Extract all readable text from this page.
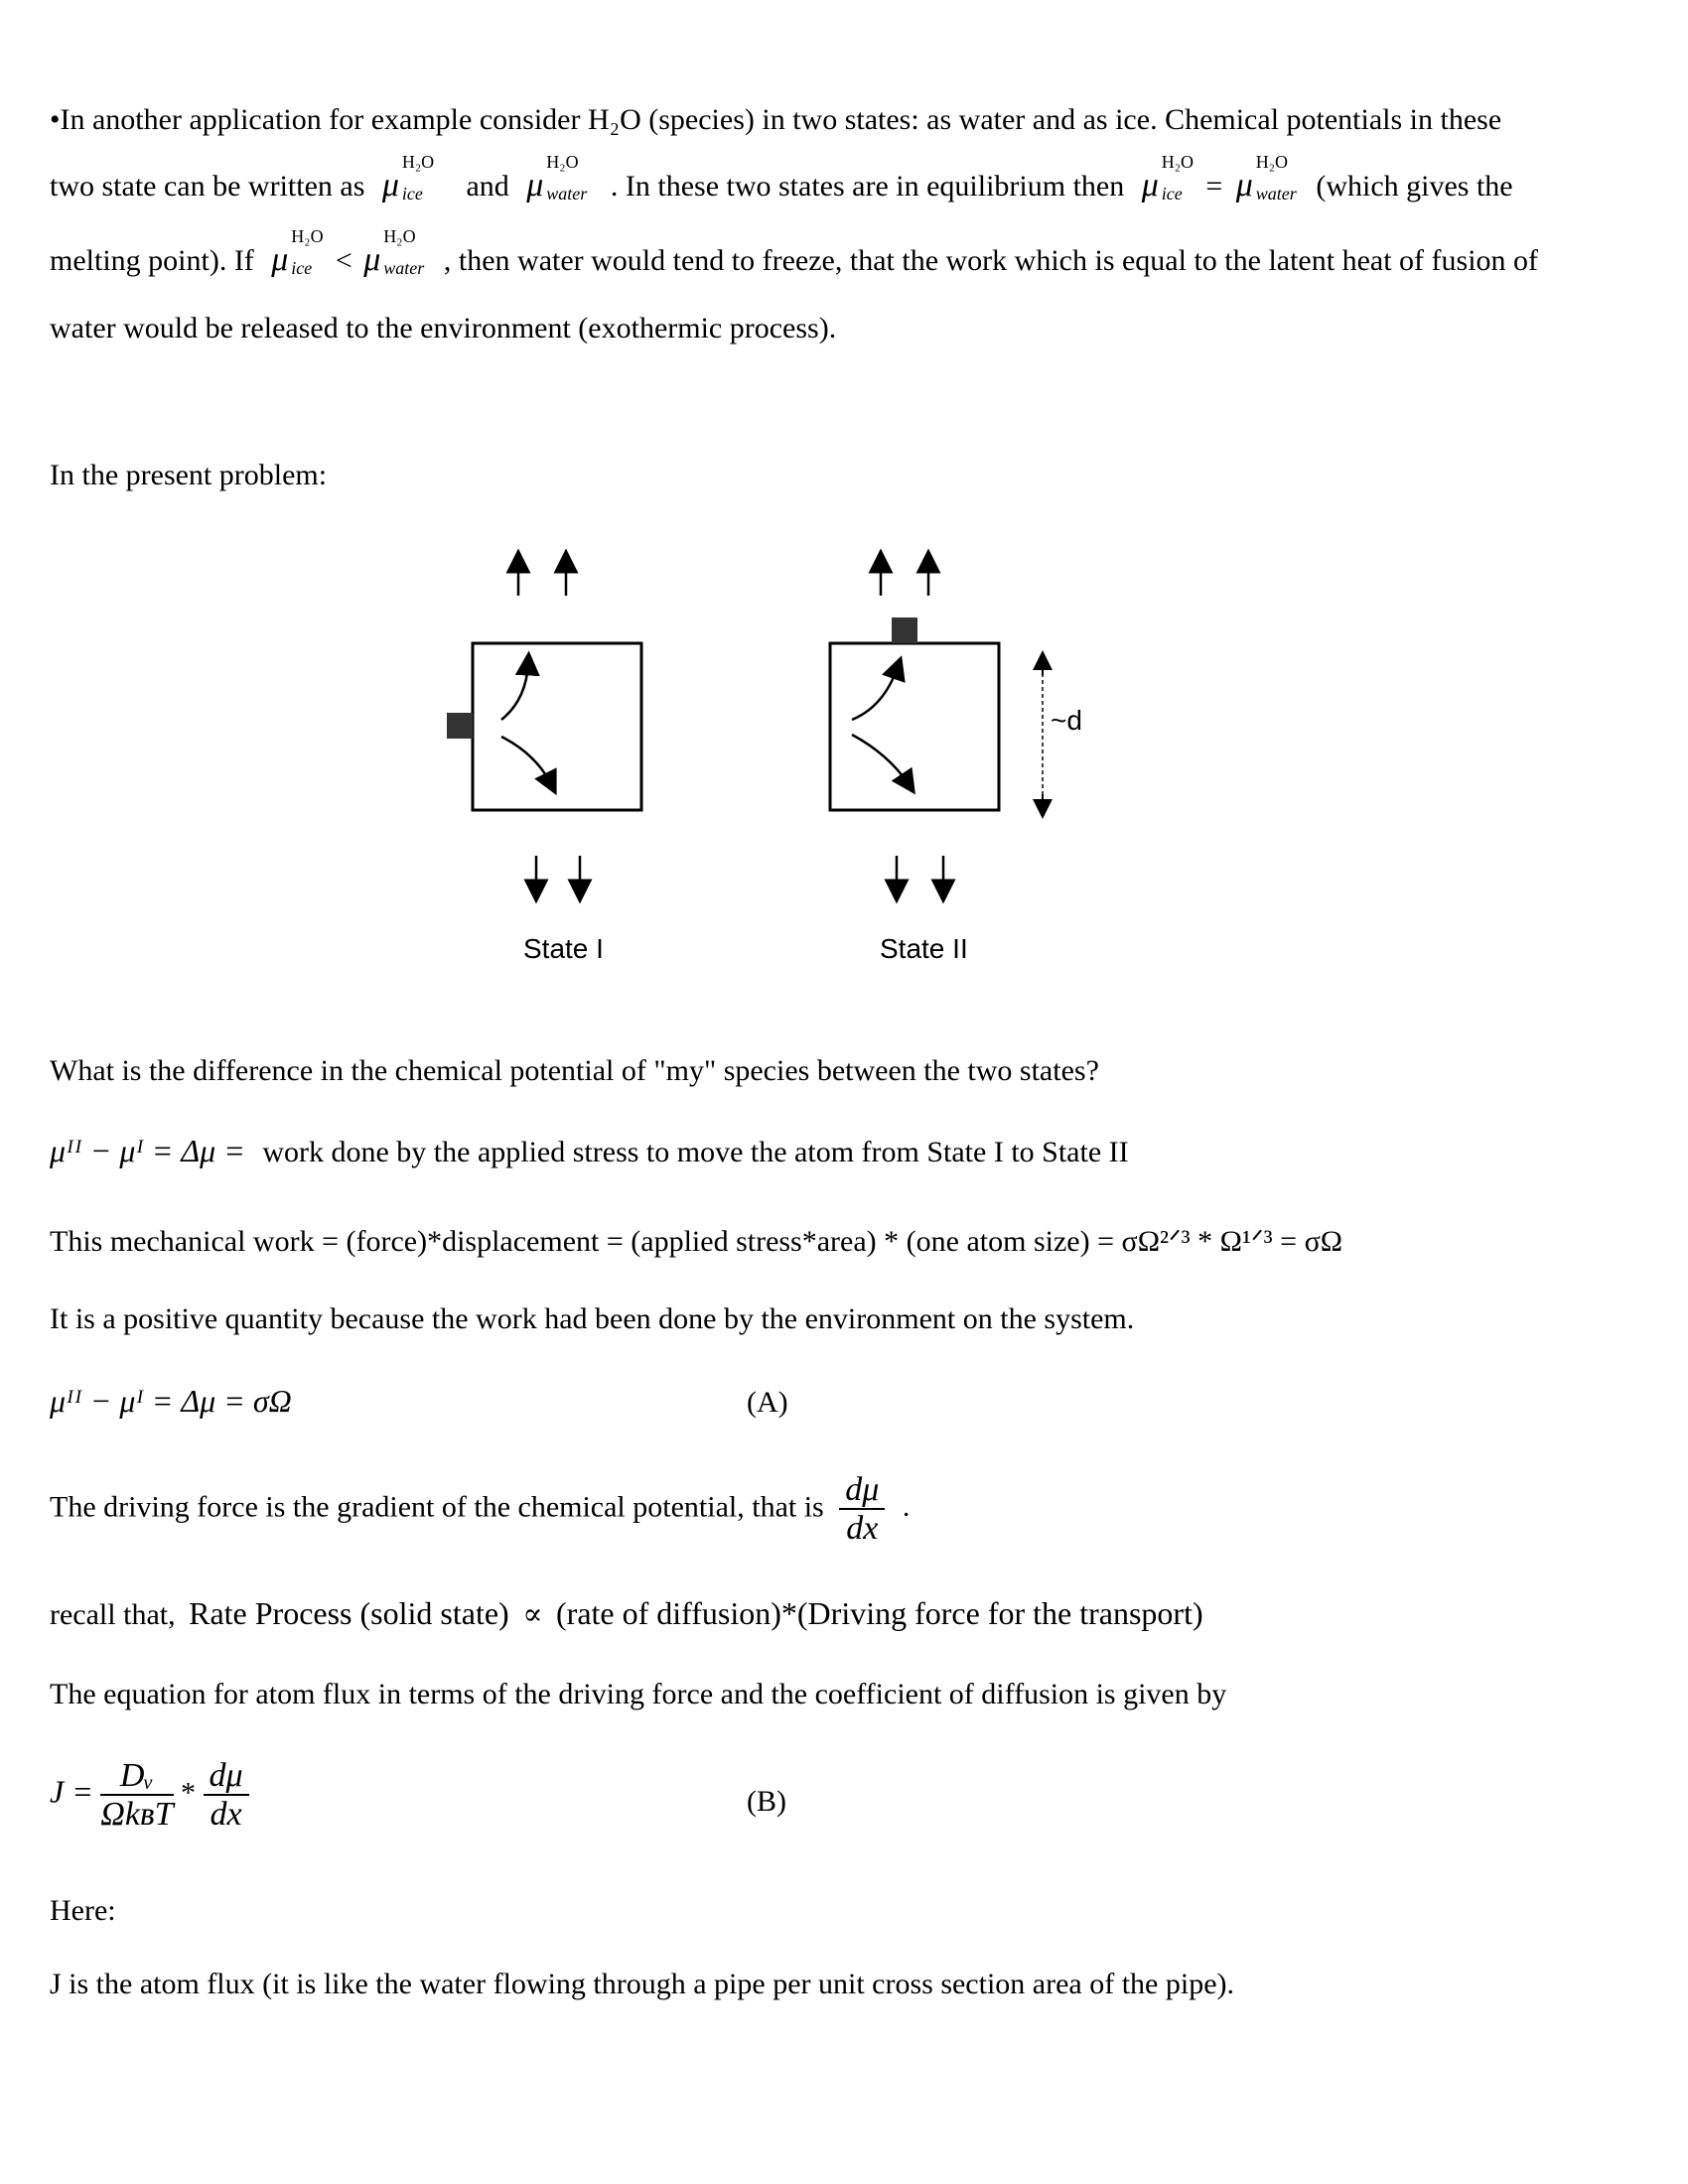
•In another application for example consider H₂O (species) in two states: as water and as ice. Chemical potentials in these
two state can be written as μ
H₂O
ice and μ
H₂O
water . In these two states are in equilibrium then μ
H₂O
ice = μ
H₂O
water (which gives the
melting point). If μ
H₂O
ice < μ
H₂O
water , then water would tend to freeze, that the work which is equal to the latent heat of fusion of
water would be released to the environment (exothermic process).
In the present problem:
State I	State II
~d
What is the difference in the chemical potential of "my" species between the two states?
μᴵᴵ − μᴵ = Δμ = work done by the applied stress to move the atom from State I to State II
This mechanical work = (force)*displacement = (applied stress*area) * (one atom size) = σΩ²ᐟ³ * Ω¹ᐟ³ = σΩ
It is a positive quantity because the work had been done by the environment on the system.
μᴵᴵ − μᴵ = Δμ = σΩ	(A)
The driving force is the gradient of the chemical potential, that is $\frac{d\mu}{dx}$ .
recall that, Rate Process (solid state) ∝ (rate of diffusion)*(Driving force for the transport)
The equation for atom flux in terms of the driving force and the coefficient of diffusion is given by
$J = \frac{\text{Dᵥ}}{\text{ΩkʙT}} * \frac{d\mu}{dx}$	(B)
Here:
J is the atom flux (it is like the water flowing through a pipe per unit cross section area of the pipe).
